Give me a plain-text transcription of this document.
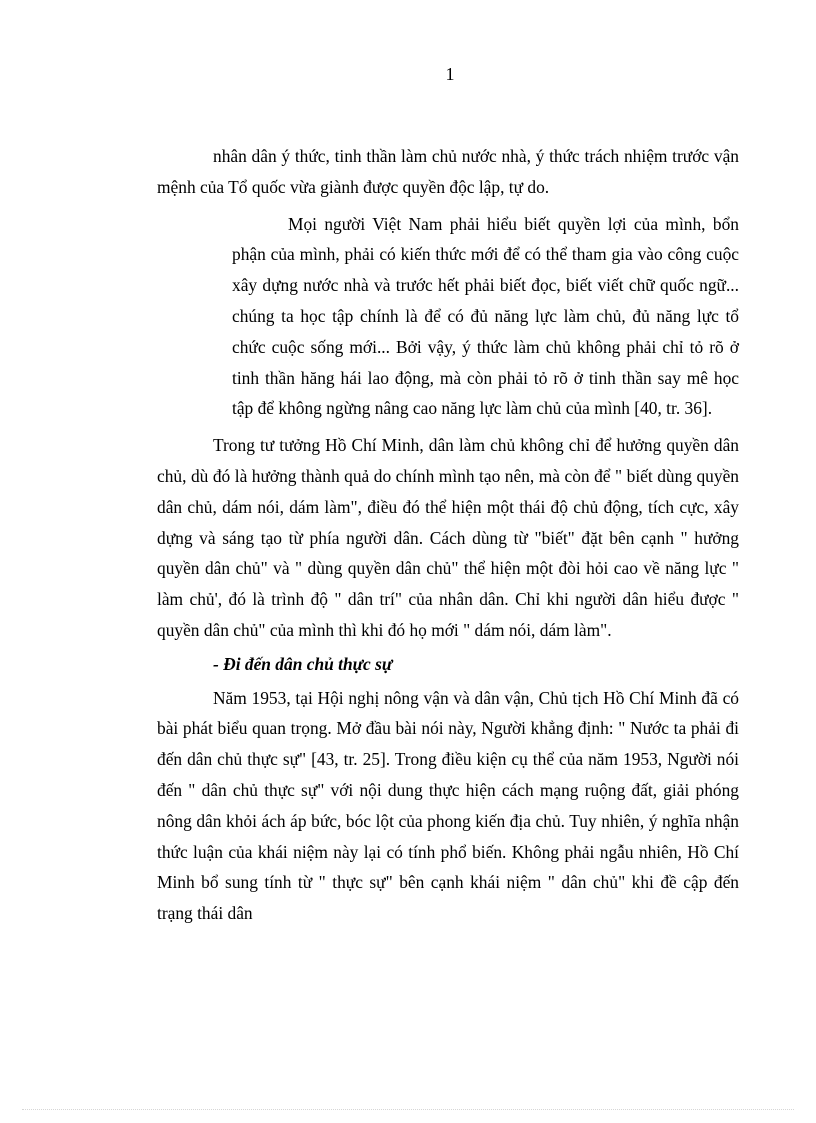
1

nhân dân ý thức, tinh thần làm chủ nước nhà, ý thức trách nhiệm trước vận mệnh của Tổ quốc vừa giành được quyền độc lập, tự do.

Mọi người Việt Nam phải hiểu biết quyền lợi của mình, bổn phận của mình, phải có kiến thức mới để có thể tham gia vào công cuộc xây dựng nước nhà và trước hết phải biết đọc, biết viết chữ quốc ngữ... chúng ta học tập chính là để có đủ năng lực làm chủ, đủ năng lực tổ chức cuộc sống mới... Bởi vậy, ý thức làm chủ không phải chỉ tỏ rõ ở tinh thần hăng hái lao động, mà còn phải tỏ rõ ở tinh thần say mê học tập để không ngừng nâng cao năng lực làm chủ của mình [40, tr. 36].

Trong tư tưởng Hồ Chí Minh, dân làm chủ không chỉ để hưởng quyền dân chủ, dù đó là hưởng thành quả do chính mình tạo nên, mà còn để " biết dùng quyền dân chủ, dám nói, dám làm", điều đó thể hiện một thái độ chủ động, tích cực, xây dựng và sáng tạo từ phía người dân. Cách dùng từ "biết" đặt bên cạnh " hưởng quyền dân chủ" và " dùng quyền dân chủ" thể hiện một đòi hỏi cao về năng lực " làm chủ', đó là trình độ " dân trí" của nhân dân. Chỉ khi người dân hiểu được " quyền dân chủ" của mình thì khi đó họ mới " dám nói, dám làm".

- Đi đến dân chủ thực sự

Năm 1953, tại Hội nghị nông vận và dân vận, Chủ tịch Hồ Chí Minh đã có bài phát biểu quan trọng. Mở đầu bài nói này, Người khẳng định: " Nước ta phải đi đến dân chủ thực sự" [43, tr. 25]. Trong điều kiện cụ thể của năm 1953, Người nói đến " dân chủ thực sự" với nội dung thực hiện cách mạng ruộng đất, giải phóng nông dân khỏi ách áp bức, bóc lột của phong kiến địa chủ. Tuy nhiên, ý nghĩa nhận thức luận của khái niệm này lại có tính phổ biến. Không phải ngẫu nhiên, Hồ Chí Minh bổ sung tính từ " thực sự" bên cạnh khái niệm " dân chủ" khi đề cập đến trạng thái dân
